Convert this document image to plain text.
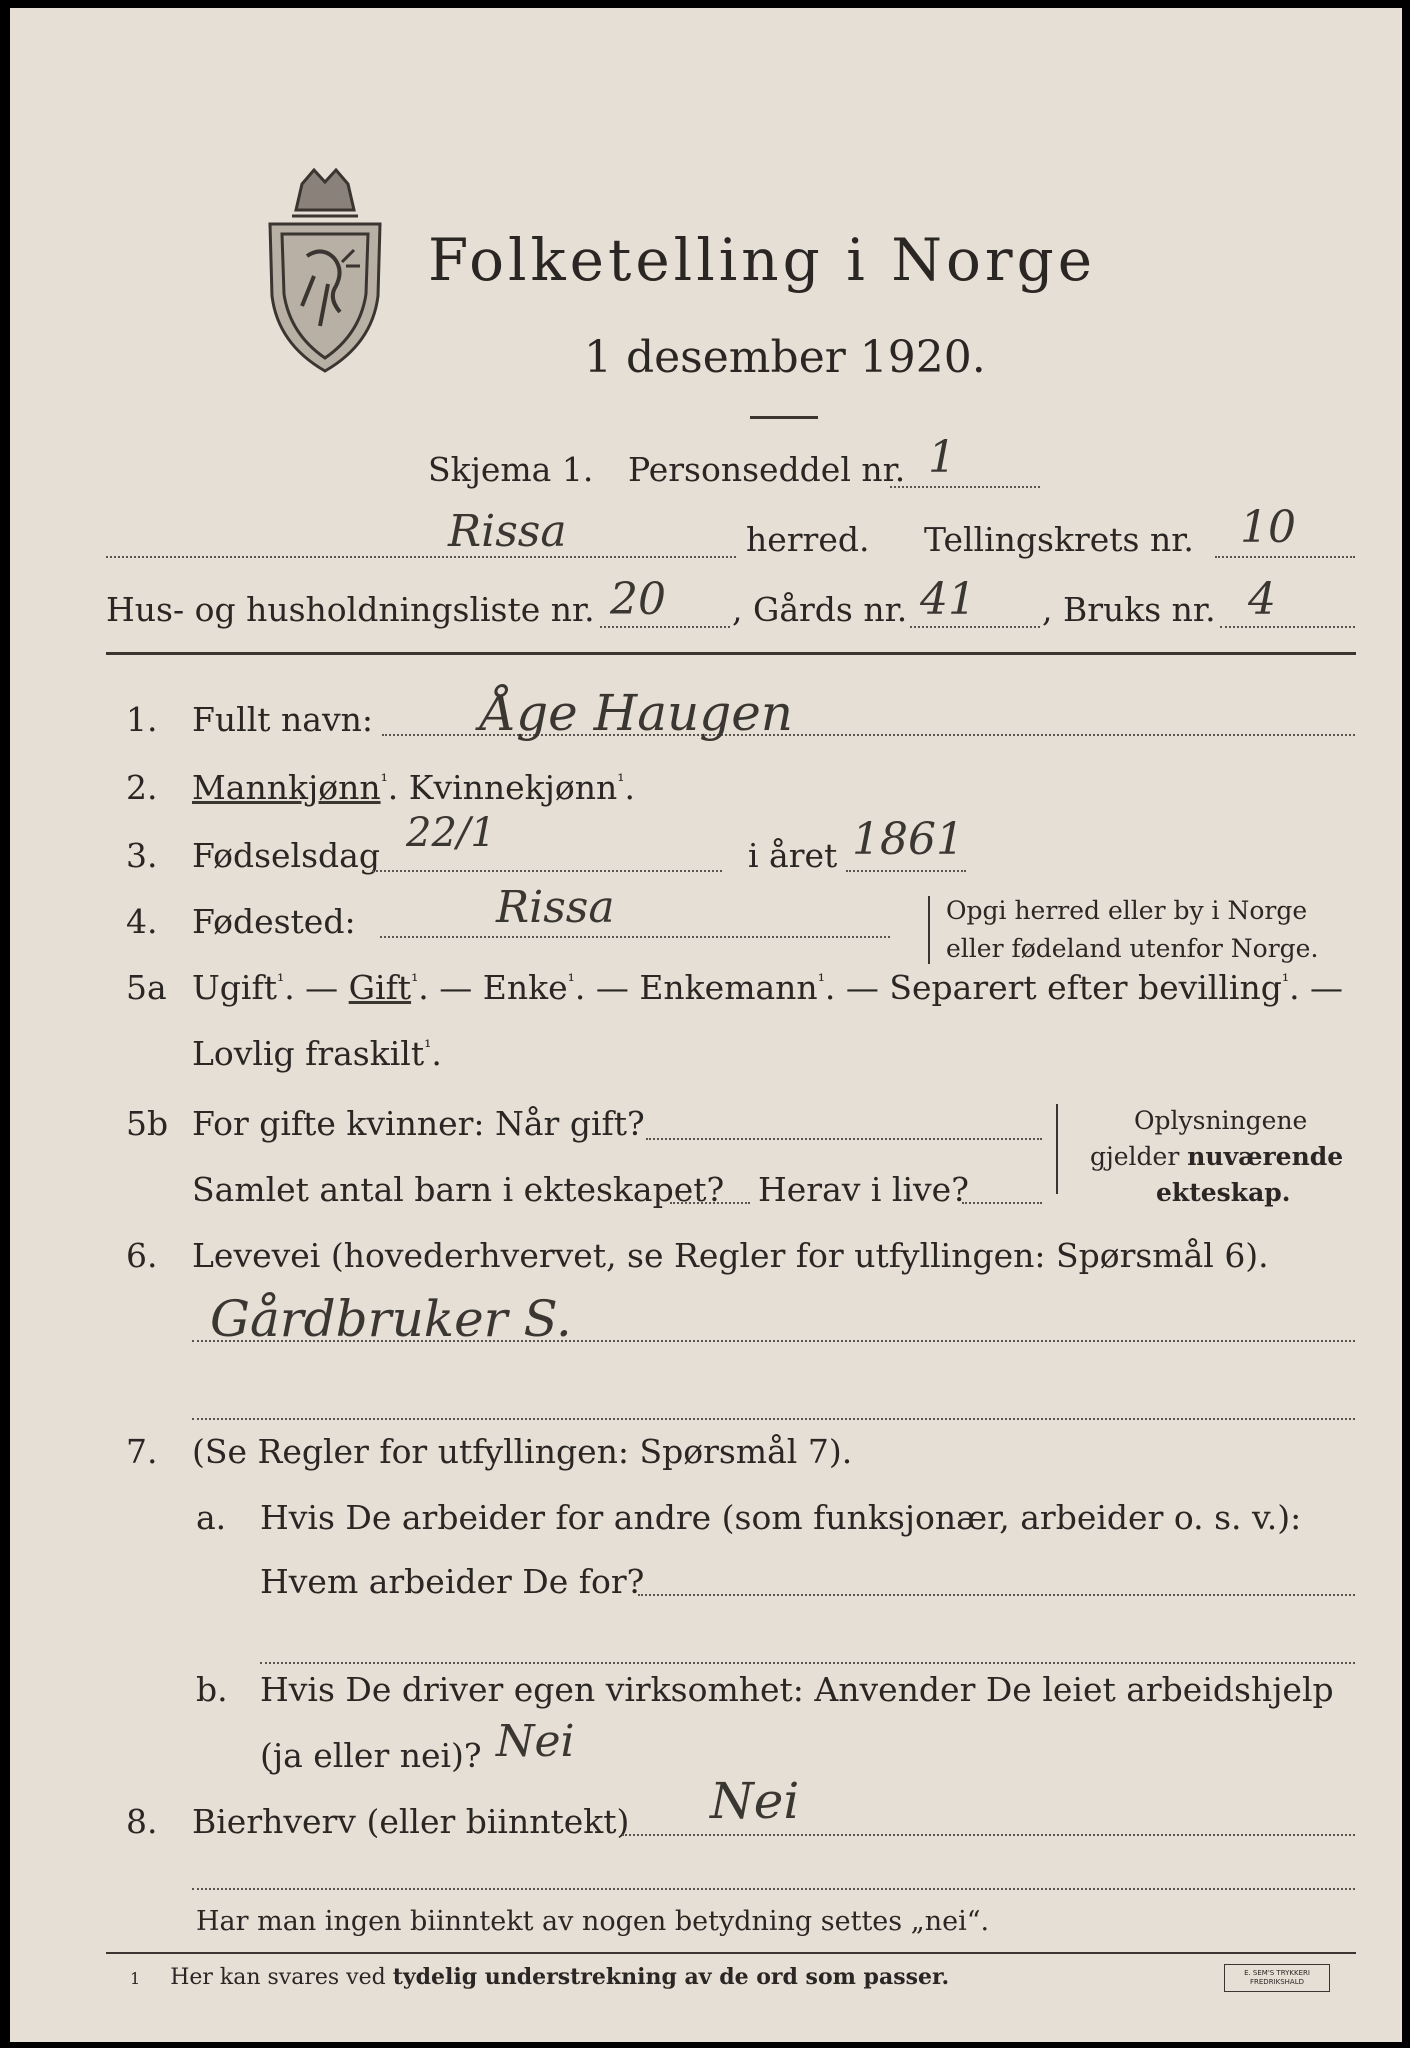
Folketelling i Norge
1 desember 1920.
Skjema 1. Personseddel nr. 1
Rissa	herred. Tellingskrets nr. 10
Hus- og husholdningsliste nr. 20 , Gårds nr. 41 , Bruks nr. 4
1. Fullt navn: Åge Haugen
2. Mannkjønn$^{^1}$. Kvinnekjønn$^{^1}$.
3. Fødselsdag 22/1	i året 1861
4. Fødested:	Rissa	Opgi herred eller by i Norge
eller fødeland utenfor Norge.
5a Ugift$^{^1}$. — Gift$^{^1}$. — Enke$^{^1}$. — Enkemann$^{^1}$. — Separert efter bevilling$^{^1}$. —
Lovlig fraskilt$^{^1}$.
5b For gifte kvinner: Når gift?
Samlet antal barn i ekteskapet? Herav i live?
Oplysningene
gjelder nuværende
ekteskap.
6. Levevei (hovederhvervet, se Regler for utfyllingen: Spørsmål 6).
Gårdbruker S.
7. (Se Regler for utfyllingen: Spørsmål 7).
a. Hvis De arbeider for andre (som funksjonær, arbeider o. s. v.):
Hvem arbeider De for?
b. Hvis De driver egen virksomhet: Anvender De leiet arbeidshjelp
(ja eller nei)? Nei
8. Bierhverv (eller biinntekt) Nei
Har man ingen biinntekt av nogen betydning settes „nei“.
1 Her kan svares ved tydelig understrekning av de ord som passer.	E. SEM'S TRYKKERI
FREDRIKSHALD
